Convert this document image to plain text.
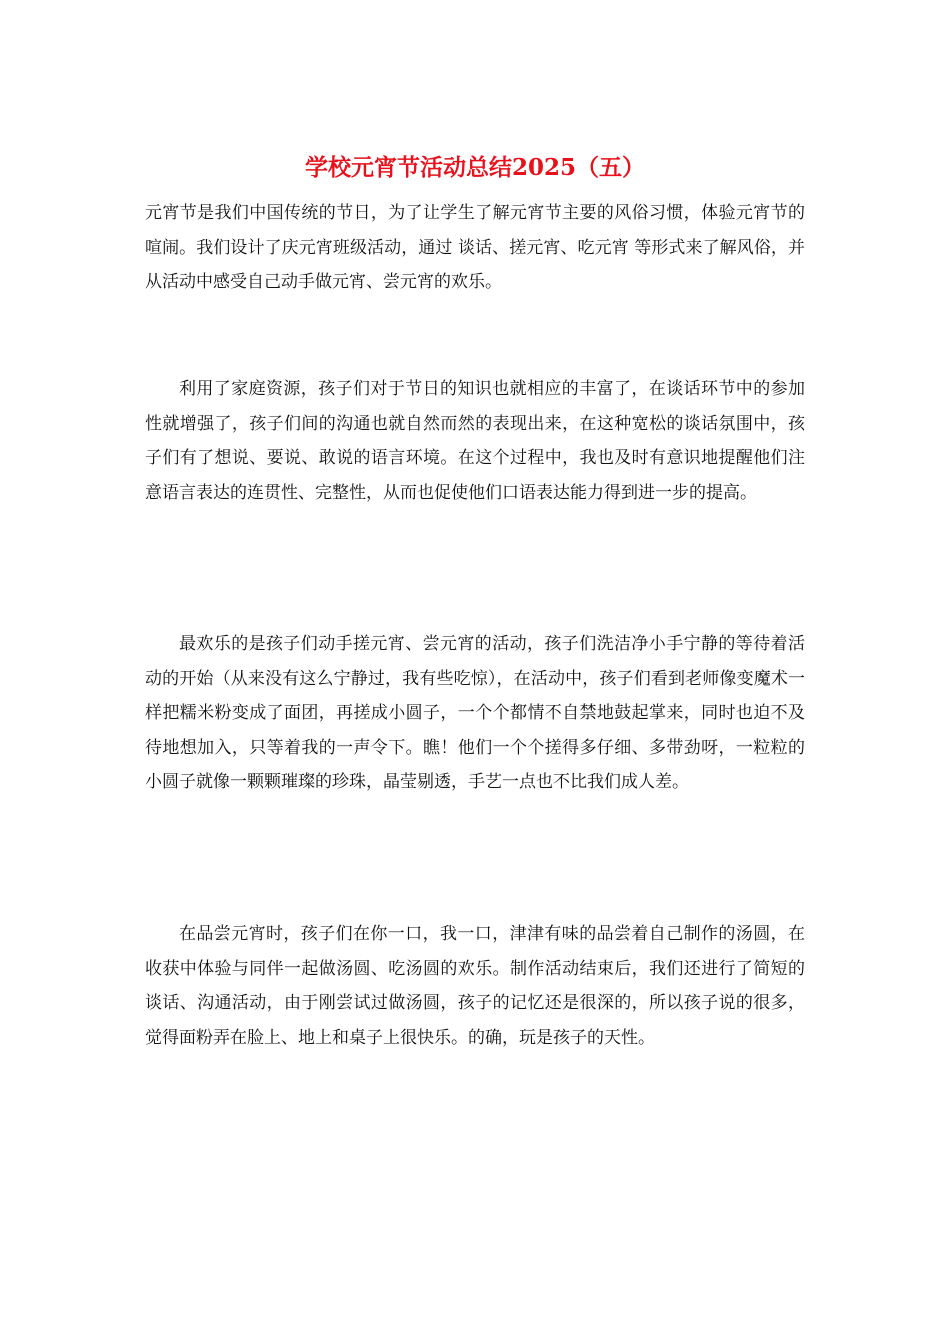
学校元宵节活动总结2025（五）

元宵节是我们中国传统的节日，为了让学生了解元宵节主要的风俗习惯，体验元宵节的喧闹。我们设计了庆元宵班级活动，通过 谈话、搓元宵、吃元宵 等形式来了解风俗，并从活动中感受自己动手做元宵、尝元宵的欢乐。

利用了家庭资源，孩子们对于节日的知识也就相应的丰富了，在谈话环节中的参加性就增强了，孩子们间的沟通也就自然而然的表现出来，在这种宽松的谈话氛围中，孩子们有了想说、要说、敢说的语言环境。在这个过程中，我也及时有意识地提醒他们注意语言表达的连贯性、完整性，从而也促使他们口语表达能力得到进一步的提高。

最欢乐的是孩子们动手搓元宵、尝元宵的活动，孩子们洗洁净小手宁静的等待着活动的开始（从来没有这么宁静过，我有些吃惊），在活动中，孩子们看到老师像变魔术一样把糯米粉变成了面团，再搓成小圆子，一个个都情不自禁地鼓起掌来，同时也迫不及待地想加入，只等着我的一声令下。瞧！他们一个个搓得多仔细、多带劲呀，一粒粒的小圆子就像一颗颗璀璨的珍珠，晶莹剔透，手艺一点也不比我们成人差。

在品尝元宵时，孩子们在你一口，我一口，津津有味的品尝着自己制作的汤圆，在收获中体验与同伴一起做汤圆、吃汤圆的欢乐。制作活动结束后，我们还进行了简短的谈话、沟通活动，由于刚尝试过做汤圆，孩子的记忆还是很深的，所以孩子说的很多，觉得面粉弄在脸上、地上和桌子上很快乐。的确，玩是孩子的天性。
